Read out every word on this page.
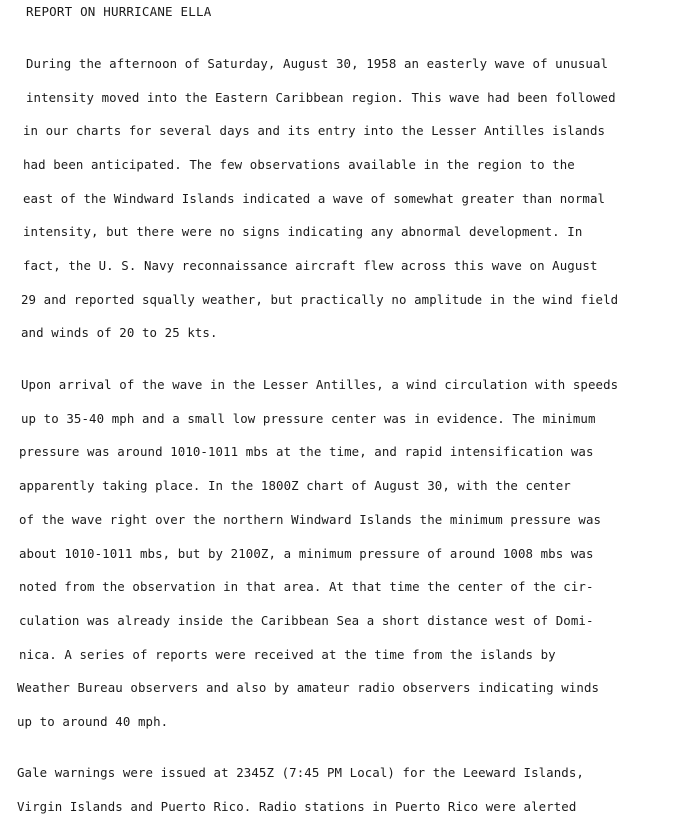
REPORT ON HURRICANE ELLA
During the afternoon of Saturday, August 30, 1958 an easterly wave of unusual
intensity moved into the Eastern Caribbean region. This wave had been followed
in our charts for several days and its entry into the Lesser Antilles islands
had been anticipated. The few observations available in the region to the
east of the Windward Islands indicated a wave of somewhat greater than normal
intensity, but there were no signs indicating any abnormal development. In
fact, the U. S. Navy reconnaissance aircraft flew across this wave on August
29 and reported squally weather, but practically no amplitude in the wind field
and winds of 20 to 25 kts.
Upon arrival of the wave in the Lesser Antilles, a wind circulation with speeds
up to 35-40 mph and a small low pressure center was in evidence. The minimum
pressure was around 1010-1011 mbs at the time, and rapid intensification was
apparently taking place. In the 1800Z chart of August 30, with the center
of the wave right over the northern Windward Islands the minimum pressure was
about 1010-1011 mbs, but by 2100Z, a minimum pressure of around 1008 mbs was
noted from the observation in that area. At that time the center of the cir-
culation was already inside the Caribbean Sea a short distance west of Domi-
nica. A series of reports were received at the time from the islands by
Weather Bureau observers and also by amateur radio observers indicating winds
up to around 40 mph.
Gale warnings were issued at 2345Z (7:45 PM Local) for the Leeward Islands,
Virgin Islands and Puerto Rico. Radio stations in Puerto Rico were alerted
